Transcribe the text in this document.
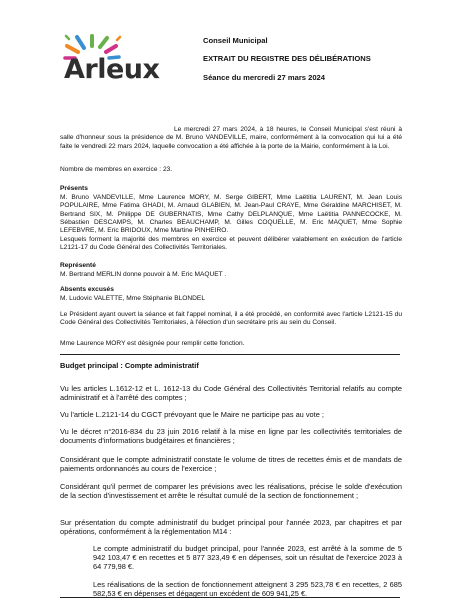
Arleux
Conseil Municipal
EXTRAIT DU REGISTRE DES DÉLIBÉRATIONS
Séance du mercredi 27 mars 2024

Le mercredi 27 mars 2024, à 18 heures, le Conseil Municipal s'est réuni à salle d'honneur sous la présidence de M. Bruno VANDEVILLE, maire, conformément à la convocation qui lui a été faite le vendredi 22 mars 2024, laquelle convocation a été affichée à la porte de la Mairie, conformément à la Loi.

Nombre de membres en exercice : 23.

Présents

M. Bruno VANDEVILLE, Mme Laurence MORY, M. Serge GIBERT, Mme Laëtitia LAURENT, M. Jean Louis POPULAIRE, Mme Fatima GHADI, M. Arnaud GLABIEN, M. Jean-Paul CRAYE, Mme Géraldine MARCHISET, M. Bertrand SIX, M. Philippe DE GUBERNATIS, Mme Cathy DELPLANQUE, Mme Laëtitia PANNECOCKE, M. Sébastien DESCAMPS, M. Charles BEAUCHAMP, M. Gilles COQUELLE, M. Eric MAQUET, Mme Sophie LEFEBVRE, M. Eric BRIDOUX, Mme Martine PINHEIRO.

Lesquels forment la majorité des membres en exercice et peuvent délibérer valablement en exécution de l'article L2121-17 du Code Général des Collectivités Territoriales.

Représenté

M. Bertrand MERLIN donne pouvoir à M. Eric MAQUET .

Absents excusés

M. Ludovic VALETTE, Mme Stéphanie BLONDEL

Le Président ayant ouvert la séance et fait l'appel nominal, il a été procédé, en conformité avec l'article L2121-15 du Code Général des Collectivités Territoriales, à l'élection d'un secrétaire pris au sein du Conseil.

Mme Laurence MORY est désignée pour remplir cette fonction.

Budget principal : Compte administratif

Vu les articles L.1612-12 et L. 1612-13 du Code Général des Collectivités Territorial relatifs au compte administratif et à l'arrêté des comptes ;

Vu l'article L.2121-14 du CGCT prévoyant que le Maire ne participe pas au vote ;

Vu le décret n°2016-834 du 23 juin 2016 relatif à la mise en ligne par les collectivités territoriales de documents d'informations budgétaires et financières ;

Considérant que le compte administratif constate le volume de titres de recettes émis et de mandats de paiements ordonnancés au cours de l'exercice ;

Considérant qu'il permet de comparer les prévisions avec les réalisations, précise le solde d'exécution de la section d'investissement et arrête le résultat cumulé de la section de fonctionnement ;

Sur présentation du compte administratif du budget principal pour l'année 2023, par chapitres et par opérations, conformément à la réglementation M14 :

Le compte administratif du budget principal, pour l'année 2023, est arrêté à la somme de 5 942 103,47 € en recettes et 5 877 323,49 € en dépenses, soit un résultat de l'exercice 2023 à 64 779,98 €.

Les réalisations de la section de fonctionnement atteignent 3 295 523,78 € en recettes, 2 685 582,53 € en dépenses et dégagent un excédent de 609 941,25 €.
